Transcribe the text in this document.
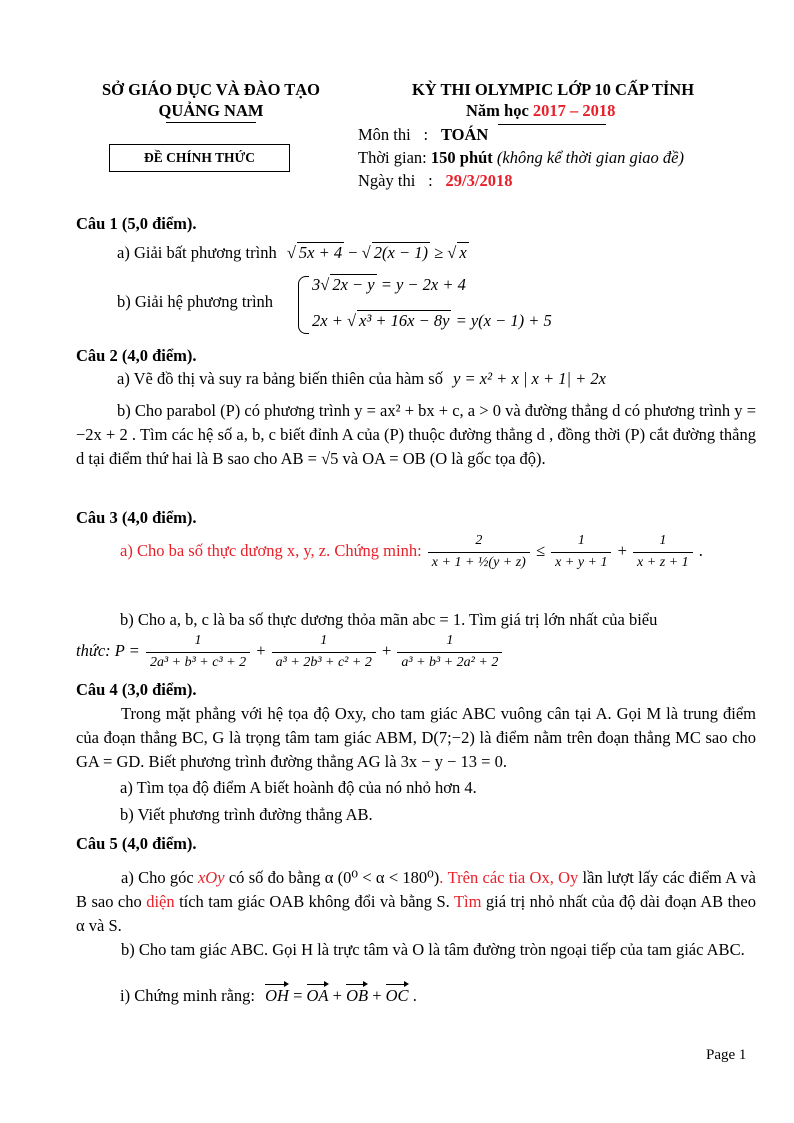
SỞ GIÁO DỤC VÀ ĐÀO TẠO
QUẢNG NAM
ĐỀ CHÍNH THỨC
KỲ THI OLYMPIC LỚP 10 CẤP TỈNH
Năm học 2017 – 2018
Môn thi : TOÁN
Thời gian: 150 phút (không kể thời gian giao đề)
Ngày thi : 29/3/2018
Câu 1 (5,0 điểm).
a) Giải bất phương trình √ 5x + 4 − √ 2(x − 1) ≥ √ x
b) Giải hệ phương trình
3√ 2x − y = y − 2x + 4
2x + √ x³ + 16x − 8y = y(x − 1) + 5
Câu 2 (4,0 điểm).
a) Vẽ đồ thị và suy ra bảng biến thiên của hàm số y = x² + x | x + 1| + 2x
b) Cho parabol (P) có phương trình y = ax² + bx + c, a > 0 và đường thẳng d có phương trình y = −2x + 2 . Tìm các hệ số a, b, c biết đỉnh A của (P) thuộc đường thẳng d , đồng thời (P) cắt đường thẳng d tại điểm thứ hai là B sao cho AB = √5 và OA = OB (O là gốc tọa độ).
Câu 3 (4,0 điểm).
a) Cho ba số thực dương x, y, z. Chứng minh: $\frac{2}{\text{x + 1 + ½(y + z)}} \le \frac{1}{x + y + 1} + \frac{1}{x + z + 1}$ .
b) Cho a, b, c là ba số thực dương thỏa mãn abc = 1. Tìm giá trị lớn nhất của biểu
thức: $P = \frac{1}{\text{2a³ + b³ + c³ + 2}} + \frac{1}{\text{a³ + 2b³ + c² + 2}} + \frac{1}{\text{a³ + b³ + 2a² + 2}}$
Câu 4 (3,0 điểm).
Trong mặt phẳng với hệ tọa độ Oxy, cho tam giác ABC vuông cân tại A. Gọi M là trung điểm của đoạn thẳng BC, G là trọng tâm tam giác ABM, D(7;−2) là điểm nằm trên đoạn thẳng MC sao cho GA = GD. Biết phương trình đường thẳng AG là 3x − y − 13 = 0.
a) Tìm tọa độ điểm A biết hoành độ của nó nhỏ hơn 4.
b) Viết phương trình đường thẳng AB.
Câu 5 (4,0 điểm).
a) Cho góc xOy có số đo bằng α (0⁰ < α < 180⁰). Trên các tia Ox, Oy lần lượt lấy các điểm A và B sao cho diện tích tam giác OAB không đổi và bằng S. Tìm giá trị nhỏ nhất của độ dài đoạn AB theo α và S.
b) Cho tam giác ABC. Gọi H là trực tâm và O là tâm đường tròn ngoại tiếp của tam giác ABC.
i) Chứng minh rằng: OH = OA + OB + OC .
Page 1
